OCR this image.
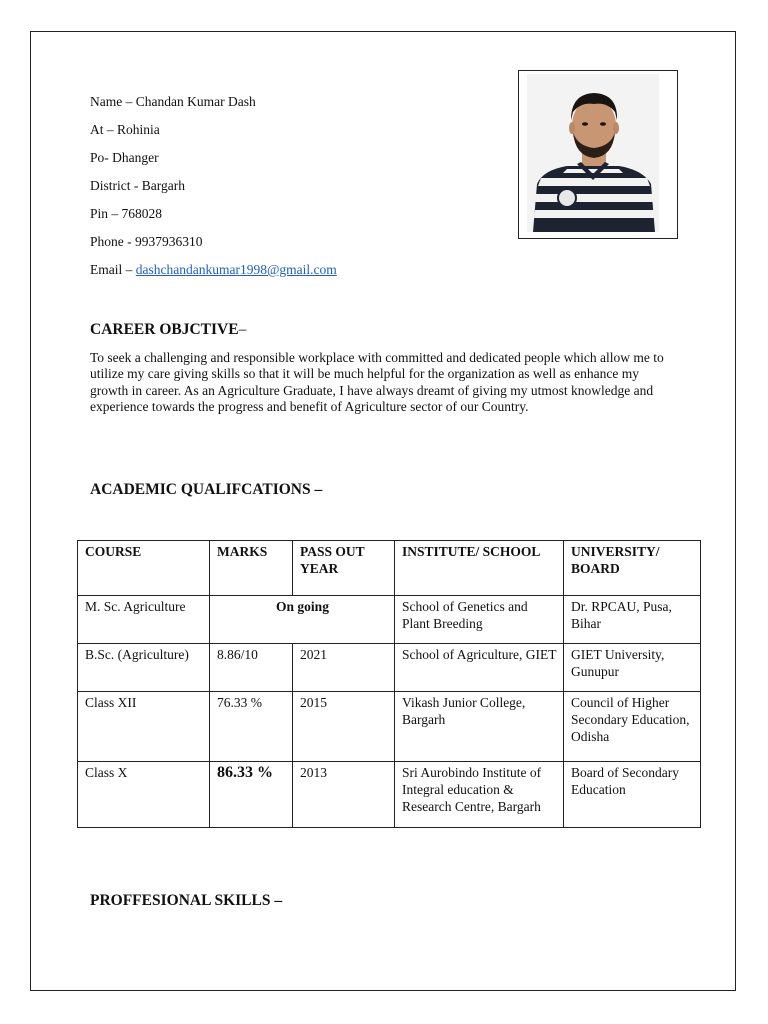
Name – Chandan Kumar Dash
At – Rohinia
Po- Dhanger
District - Bargarh
Pin – 768028
Phone - 9937936310
Email – dashchandankumar1998@gmail.com
CAREER OBJCTIVE–
To seek a challenging and responsible workplace with committed and dedicated people which allow me to utilize my care giving skills so that it will be much helpful for the organization as well as enhance my growth in career. As an Agriculture Graduate, I have always dreamt of giving my utmost knowledge and experience towards the progress and benefit of Agriculture sector of our Country.
ACADEMIC QUALIFCATIONS –
COURSE	MARKS	PASS OUT YEAR	INSTITUTE/ SCHOOL	UNIVERSITY/ BOARD
M. Sc. Agriculture	On going		School of Genetics and Plant Breeding	Dr. RPCAU, Pusa, Bihar
B.Sc. (Agriculture)	8.86/10	2021	School of Agriculture, GIET	GIET University, Gunupur
Class XII	76.33 %	2015	Vikash Junior College, Bargarh	Council of Higher Secondary Education, Odisha
Class X	86.33 %	2013	Sri Aurobindo Institute of Integral education & Research Centre, Bargarh	Board of Secondary Education
PROFFESIONAL SKILLS –
